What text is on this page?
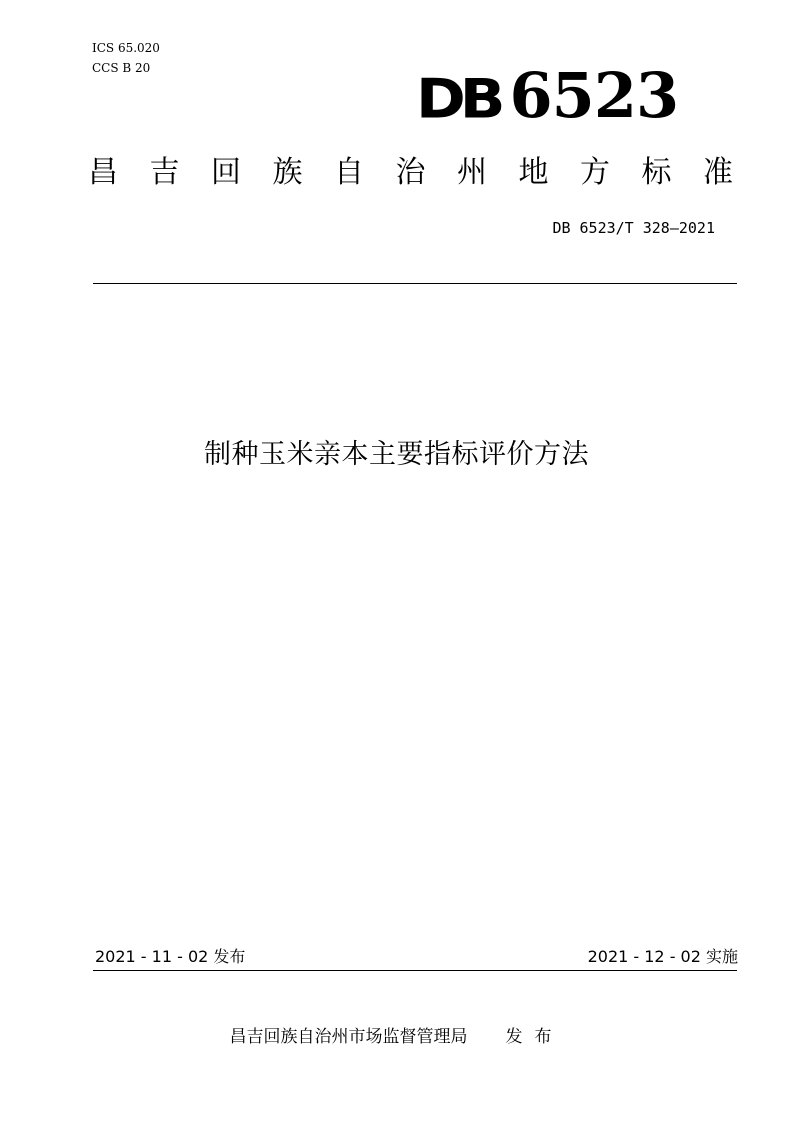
ICS 65.020
CCS B 20	DB 6523
昌 吉 回 族 自 治 州 地 方 标 准
DB 6523/T 328—2021
制种玉米亲本主要指标评价方法
2021 - 11 - 02 发布	2021 - 12 - 02 实施
昌吉回族自治州市场监督管理局 发布
